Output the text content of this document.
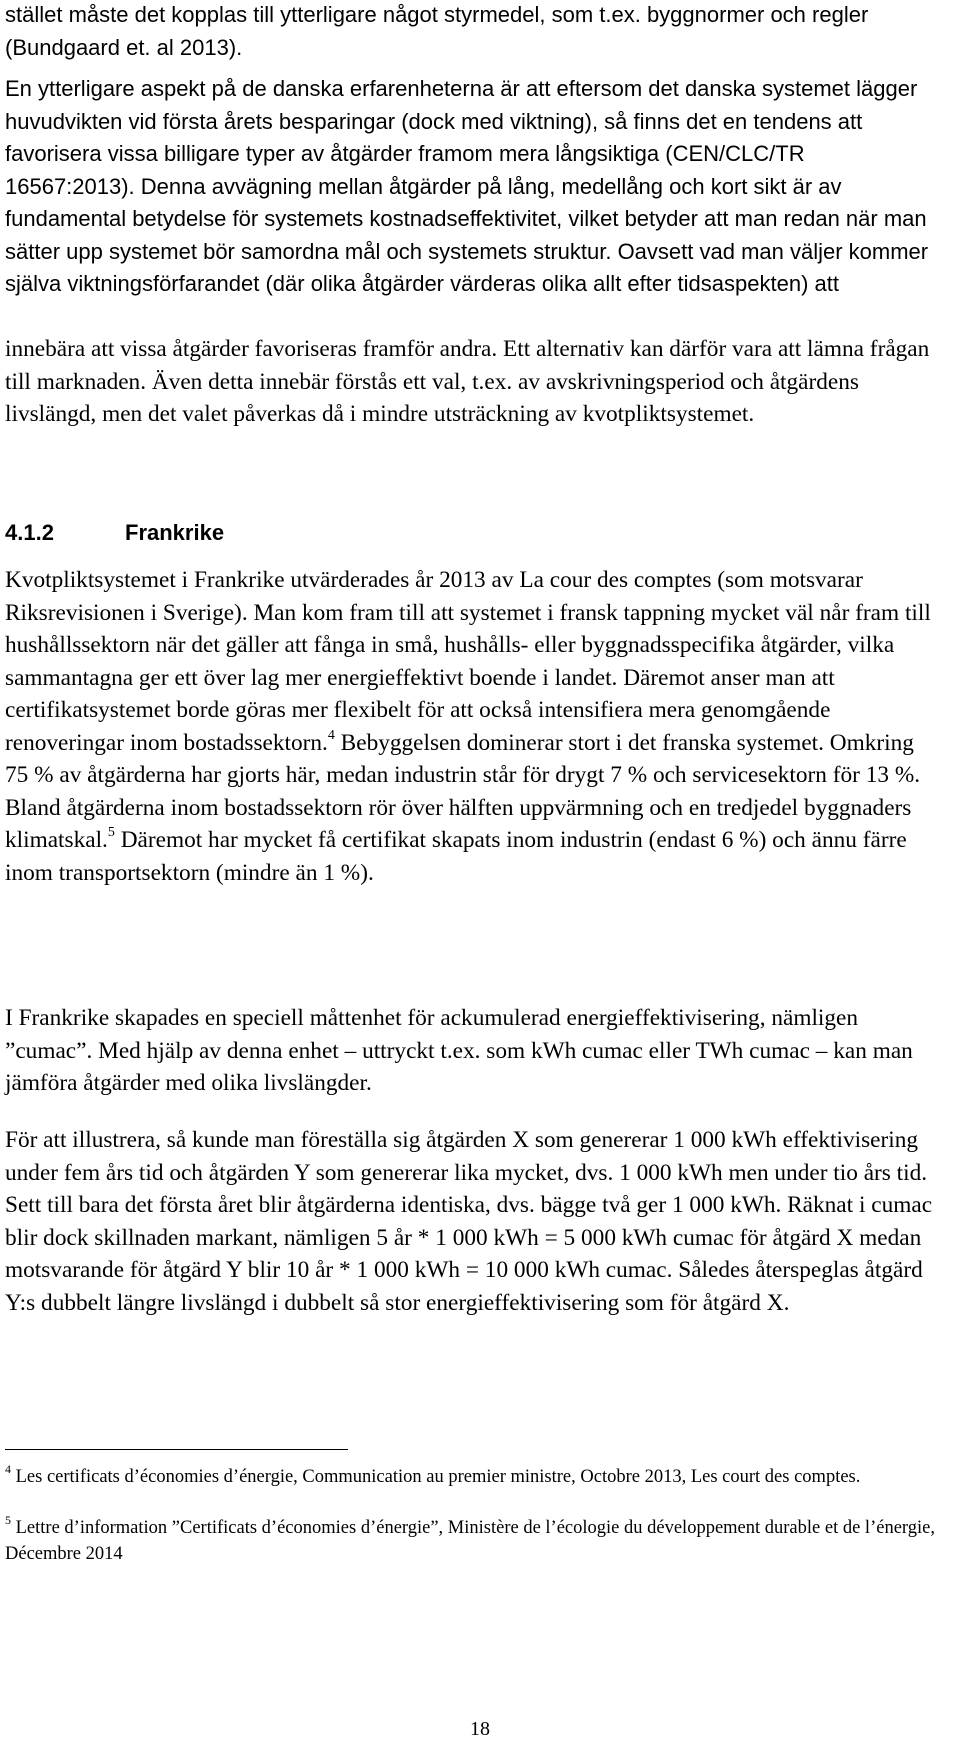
stället måste det kopplas till ytterligare något styrmedel, som t.ex. byggnormer och regler (Bundgaard et. al 2013).

En ytterligare aspekt på de danska erfarenheterna är att eftersom det danska systemet lägger huvudvikten vid första årets besparingar (dock med viktning), så finns det en tendens att favorisera vissa billigare typer av åtgärder framom mera långsiktiga (CEN/CLC/TR 16567:2013). Denna avvägning mellan åtgärder på lång, medellång och kort sikt är av fundamental betydelse för systemets kostnadseffektivitet, vilket betyder att man redan när man sätter upp systemet bör samordna mål och systemets struktur. Oavsett vad man väljer kommer själva viktningsförfarandet (där olika åtgärder värderas olika allt efter tidsaspekten) att

innebära att vissa åtgärder favoriseras framför andra. Ett alternativ kan därför vara att lämna frågan till marknaden. Även detta innebär förstås ett val, t.ex. av avskrivningsperiod och åtgärdens livslängd, men det valet påverkas då i mindre utsträckning av kvotpliktsystemet.

4.1.2	Frankrike

Kvotpliktsystemet i Frankrike utvärderades år 2013 av La cour des comptes (som motsvarar Riksrevisionen i Sverige). Man kom fram till att systemet i fransk tappning mycket väl når fram till hushållssektorn när det gäller att fånga in små, hushålls- eller byggnadsspecifika åtgärder, vilka sammantagna ger ett över lag mer energieffektivt boende i landet. Däremot anser man att certifikatsystemet borde göras mer flexibelt för att också intensifiera mera genomgående renoveringar inom bostadssektorn.$^4$ Bebyggelsen dominerar stort i det franska systemet. Omkring 75 % av åtgärderna har gjorts här, medan industrin står för drygt 7 % och servicesektorn för 13 %. Bland åtgärderna inom bostadssektorn rör över hälften uppvärmning och en tredjedel byggnaders klimatskal.$^5$ Däremot har mycket få certifikat skapats inom industrin (endast 6 %) och ännu färre inom transportsektorn (mindre än 1 %).

I Frankrike skapades en speciell måttenhet för ackumulerad energieffektivisering, nämligen ”cumac”. Med hjälp av denna enhet – uttryckt t.ex. som kWh cumac eller TWh cumac – kan man jämföra åtgärder med olika livslängder.

För att illustrera, så kunde man föreställa sig åtgärden X som genererar 1 000 kWh effektivisering under fem års tid och åtgärden Y som genererar lika mycket, dvs. 1 000 kWh men under tio års tid. Sett till bara det första året blir åtgärderna identiska, dvs. bägge två ger 1 000 kWh. Räknat i cumac blir dock skillnaden markant, nämligen 5 år * 1 000 kWh = 5 000 kWh cumac för åtgärd X medan motsvarande för åtgärd Y blir 10 år * 1 000 kWh = 10 000 kWh cumac. Således återspeglas åtgärd Y:s dubbelt längre livslängd i dubbelt så stor energieffektivisering som för åtgärd X.

$^4$ Les certificats d’économies d’énergie, Communication au premier ministre, Octobre 2013, Les court des comptes.
$^5$ Lettre d’information ”Certificats d’économies d’énergie”, Ministère de l’écologie du développement durable et de l’énergie, Décembre 2014
18
